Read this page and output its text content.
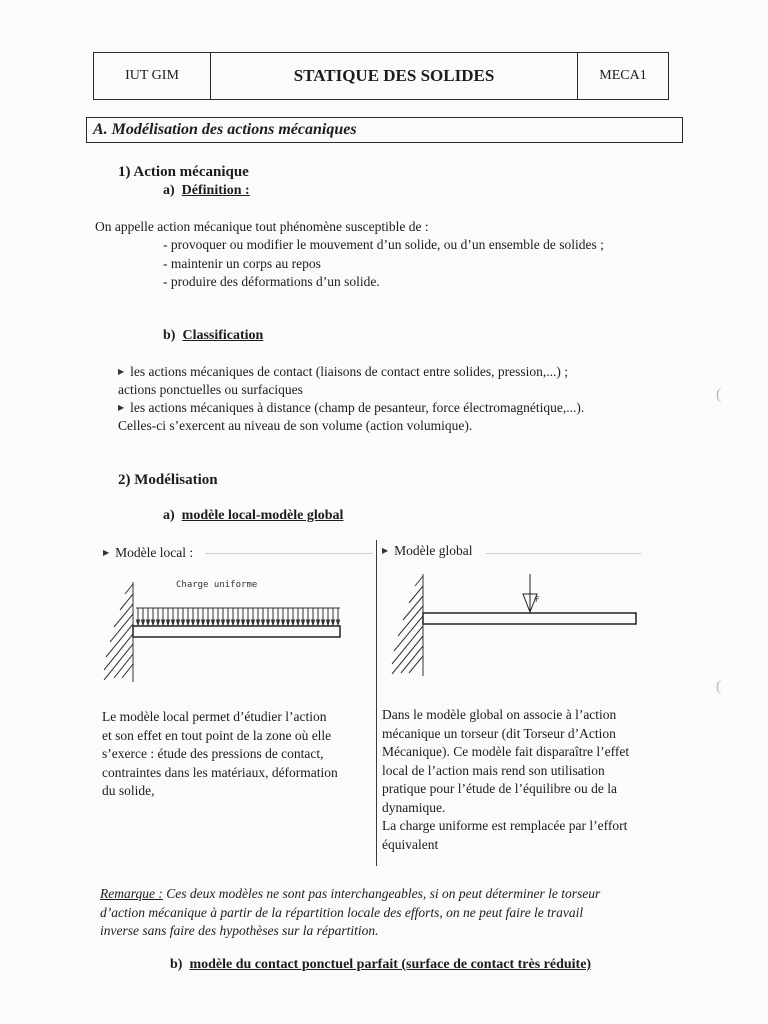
IUT GIM	STATIQUE DES SOLIDES	MECA1
A. Modélisation des actions mécaniques
1) Action mécanique
a) Définition :
On appelle action mécanique tout phénomène susceptible de :
- provoquer ou modifier le mouvement d’un solide, ou d’un ensemble de solides ;
- maintenir un corps au repos
- produire des déformations d’un solide.
b) Classification
▶ les actions mécaniques de contact (liaisons de contact entre solides, pression,...) ;
actions ponctuelles ou surfaciques
▶ les actions mécaniques à distance (champ de pesanteur, force électromagnétique,...).
Celles-ci s’exercent au niveau de son volume (action volumique).
2) Modélisation
a) modèle local-modèle global
▶ Modèle local :	▶ Modèle global
Charge uniforme
F
Le modèle local permet d’étudier l’action
et son effet en tout point de la zone où elle
s’exerce : étude des pressions de contact,
contraintes dans les matériaux, déformation
du solide,
Dans le modèle global on associe à l’action
mécanique un torseur (dit Torseur d’Action
Mécanique). Ce modèle fait disparaître l’effet
local de l’action mais rend son utilisation
pratique pour l’étude de l’équilibre ou de la
dynamique.
La charge uniforme est remplacée par l’effort
équivalent
Remarque : Ces deux modèles ne sont pas interchangeables, si on peut déterminer le torseur
d’action mécanique à partir de la répartition locale des efforts, on ne peut faire le travail
inverse sans faire des hypothèses sur la répartition.
b) modèle du contact ponctuel parfait (surface de contact très réduite)
(
(
